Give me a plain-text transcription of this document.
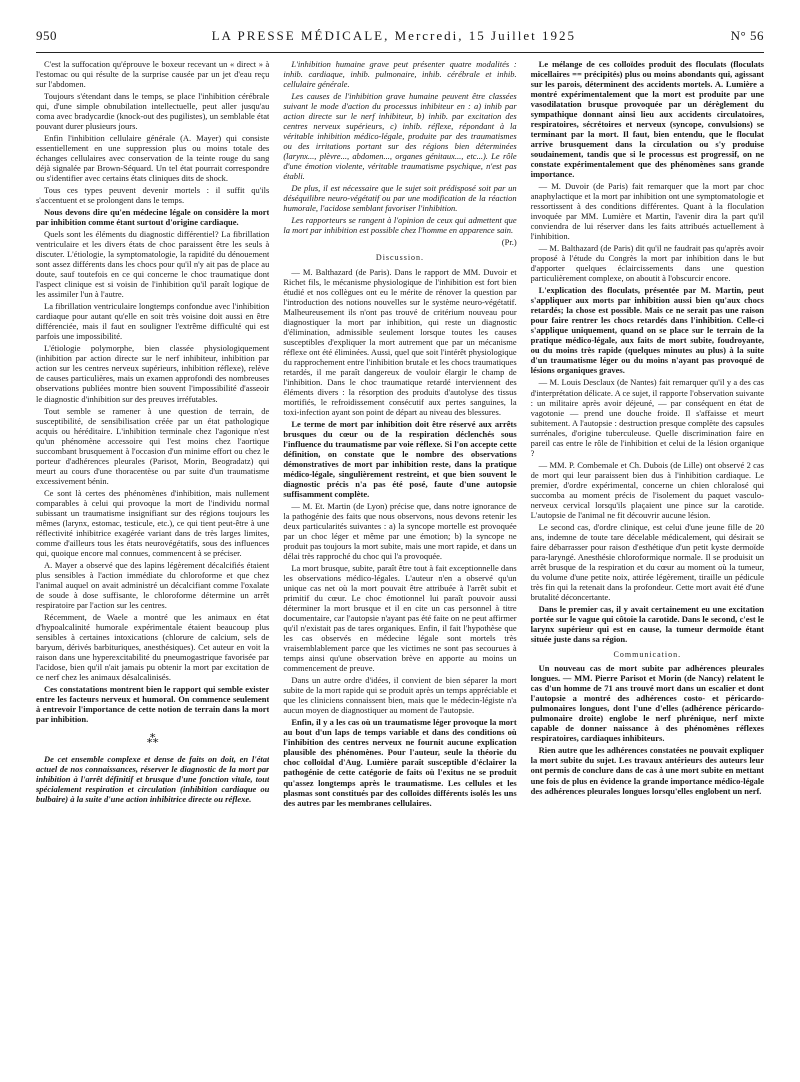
950	LA PRESSE MÉDICALE, Mercredi, 15 Juillet 1925	N° 56

C'est la suffocation qu'éprouve le boxeur recevant un « direct » à l'estomac ou qui résulte de la surprise causée par un jet d'eau reçu sur l'abdomen.

Toujours s'étendant dans le temps, se place l'inhibition cérébrale qui, d'une simple obnubilation intellectuelle, peut aller jusqu'au coma avec bradycardie (knock-out des pugilistes), un semblable état pouvant durer plusieurs jours.

Enfin l'inhibition cellulaire générale (A. Mayer) qui consiste essentiellement en une suppression plus ou moins totale des échanges cellulaires avec conservation de la teinte rouge du sang déjà signalée par Brown-Séquard. Un tel état pourrait correspondre ou s'identifier avec certains états cliniques dits de shock.

Tous ces types peuvent devenir mortels : il suffit qu'ils s'accentuent et se prolongent dans le temps.

Nous devons dire qu'en médecine légale on considère la mort par inhibition comme étant surtout d'origine cardiaque.

Quels sont les éléments du diagnostic différentiel? La fibrillation ventriculaire et les divers états de choc paraissent être les seuls à discuter. L'étiologie, la symptomatologie, la rapidité du dénouement sont assez différents dans les chocs pour qu'il n'y ait pas de place au doute, sauf toutefois en ce qui concerne le choc traumatique dont l'aspect clinique est si voisin de l'inhibition qu'il paraît logique de les assimiler l'un à l'autre.

La fibrillation ventriculaire longtemps confondue avec l'inhibition cardiaque pour autant qu'elle en soit très voisine doit aussi en être différenciée, mais il faut en souligner l'extrême difficulté qui est parfois une impossibilité.

L'étiologie polymorphe, bien classée physiologiquement (inhibition par action directe sur le nerf inhibiteur, inhibition par action sur les centres nerveux supérieurs, inhibition réflexe), relève de causes particulières, mais un examen approfondi des nombreuses observations publiées montre bien souvent l'impossibilité d'asseoir le diagnostic d'inhibition sur des preuves irréfutables.

Tout semble se ramener à une question de terrain, de susceptibilité, de sensibilisation créée par un état pathologique acquis ou héréditaire. L'inhibition terminale chez l'agonique n'est qu'un phénomène accessoire qui l'est moins chez l'aortique succombant brusquement à l'occasion d'un minime effort ou chez le porteur d'adhérences pleurales (Parisot, Morin, Beogradatz) qui meurt au cours d'une thoracentèse ou par suite d'un traumatisme excessivement bénin.

Ce sont là certes des phénomènes d'inhibition, mais nullement comparables à celui qui provoque la mort de l'individu normal subissant un traumatisme insignifiant sur des régions toujours les mêmes (larynx, estomac, testicule, etc.), ce qui tient peut-être à une réflectivité inhibitrice exagérée variant dans de très larges limites, comme d'ailleurs tous les états neurovégétatifs, sous des influences qui, quoique encore mal connues, commencent à se préciser.

A. Mayer a observé que des lapins légèrement décalcifiés étaient plus sensibles à l'action immédiate du chloroforme et que chez l'animal auquel on avait administré un décalcifiant comme l'oxalate de soude à dose suffisante, le chloroforme détermine un arrêt respiratoire par l'action sur les centres.

Récemment, de Waele a montré que les animaux en état d'hypoalcalinité humorale expérimentale étaient beaucoup plus sensibles à certaines intoxications (chlorure de calcium, sels de baryum, dérivés barbituriques, anesthésiques). Cet auteur en voit la raison dans une hyperexcitabilité du pneumogastrique favorisée par l'acidose, bien qu'il n'ait jamais pu obtenir la mort par excitation de ce nerf chez les animaux désalcalinisés.

Ces constatations montrent bien le rapport qui semble exister entre les facteurs nerveux et humoral. On commence seulement à entrevoir l'importance de cette notion de terrain dans la mort par inhibition.

⁂

De cet ensemble complexe et dense de faits on doit, en l'état actuel de nos connaissances, réserver le diagnostic de la mort par inhibition à l'arrêt définitif et brusque d'une fonction vitale, tout spécialement respiration et circulation (inhibition cardiaque ou bulbaire) à la suite d'une action inhibitrice directe ou réflexe.

L'inhibition humaine grave peut présenter quatre modalités : inhib. cardiaque, inhib. pulmonaire, inhib. cérébrale et inhib. cellulaire générale.

Les causes de l'inhibition grave humaine peuvent être classées suivant le mode d'action du processus inhibiteur en : a) inhib par action directe sur le nerf inhibiteur, b) inhib. par excitation des centres nerveux supérieurs, c) inhib. réflexe, répondant à la véritable inhibition médico-légale, produite par des traumatismes ou des irritations portant sur des régions bien déterminées (larynx..., plèvre..., abdomen..., organes génitaux..., etc...). Le rôle d'une émotion violente, véritable traumatisme psychique, n'est pas établi.

De plus, il est nécessaire que le sujet soit prédisposé soit par un déséquilibre neuro-végétatif ou par une modification de la réaction humorale, l'acidose semblant favoriser l'inhibition.

Les rapporteurs se rangent à l'opinion de ceux qui admettent que la mort par inhibition est possible chez l'homme en apparence sain.

(Pr.)
Discussion.

— M. Balthazard (de Paris). Dans le rapport de MM. Duvoir et Richet fils, le mécanisme physiologique de l'inhibition est fort bien étudié et nos collègues ont eu le mérite de rénover la question par l'introduction des notions nouvelles sur le système neuro-végétatif. Malheureusement ils n'ont pas trouvé de critérium nouveau pour diagnostiquer la mort par inhibition, qui reste un diagnostic d'élimination, admissible seulement lorsque toutes les causes susceptibles d'expliquer la mort autrement que par un mécanisme réflexe ont été éliminées. Aussi, quel que soit l'intérêt physiologique du rapprochement entre l'inhibition brutale et les chocs traumatiques retardés, il me paraît dangereux de vouloir élargir le champ de l'inhibition. Dans le choc traumatique retardé interviennent des éléments divers : la résorption des produits d'autolyse des tissus mortifiés, le refroidissement consécutif aux pertes sanguines, la toxi-infection ayant son point de départ au niveau des blessures.

Le terme de mort par inhibition doit être réservé aux arrêts brusques du cœur ou de la respiration déclenchés sous l'influence du traumatisme par voie réflexe. Si l'on accepte cette définition, on constate que le nombre des observations démonstratives de mort par inhibition reste, dans la pratique médico-légale, singulièrement restreint, et que bien souvent le diagnostic précis n'a pas été posé, faute d'une autopsie suffisamment complète.

— M. Et. Martin (de Lyon) précise que, dans notre ignorance de la pathogénie des faits que nous observons, nous devons retenir les deux particularités suivantes : a) la syncope mortelle est provoquée par un choc léger et même par une émotion; b) la syncope ne produit pas toujours la mort subite, mais une mort rapide, et dans un délai très rapproché du choc qui l'a provoquée.

La mort brusque, subite, paraît être tout à fait exceptionnelle dans les observations médico-légales. L'auteur n'en a observé qu'un unique cas net où la mort pouvait être attribuée à l'arrêt subit et primitif du cœur. Le choc émotionnel lui paraît pouvoir aussi déterminer la mort brusque et il en cite un cas personnel à titre documentaire, car l'autopsie n'ayant pas été faite on ne peut affirmer qu'il n'existait pas de tares organiques. Enfin, il fait l'hypothèse que les cas observés en médecine légale sont mortels très vraisemblablement parce que les victimes ne sont pas secourues à temps ainsi qu'une observation brève en apporte au moins un commencement de preuve.

Dans un autre ordre d'idées, il convient de bien séparer la mort subite de la mort rapide qui se produit après un temps appréciable et que les cliniciens connaissent bien, mais que le médecin-légiste n'a aucun moyen de diagnostiquer au moment de l'autopsie.

Enfin, il y a les cas où un traumatisme léger provoque la mort au bout d'un laps de temps variable et dans des conditions où l'inhibition des centres nerveux ne fournit aucune explication plausible des phénomènes. Pour l'auteur, seule la théorie du choc colloïdal d'Aug. Lumière paraît susceptible d'éclairer la pathogénie de cette catégorie de faits où l'exitus ne se produit qu'assez longtemps après le traumatisme. Les cellules et les plasmas sont constitués par des colloïdes différents isolés les uns des autres par les membranes cellulaires.

Le mélange de ces colloïdes produit des floculats (floculats micellaires == précipités) plus ou moins abondants qui, agissant sur les parois, déterminent des accidents mortels. A. Lumière a montré expérimentalement que la mort est produite par une vasodilatation brusque provoquée par un dérèglement du sympathique donnant ainsi lieu aux accidents circulatoires, respiratoires, sécrétoires et nerveux (syncope, convulsions) se terminant par la mort. Il faut, bien entendu, que le floculat arrive brusquement dans la circulation ou s'y produise soudainement, tandis que si le processus est progressif, on ne constate expérimentalement que des phénomènes sans grande importance.

— M. Duvoir (de Paris) fait remarquer que la mort par choc anaphylactique et la mort par inhibition ont une symptomatologie et ressortissent à des conditions différentes. Quant à la floculation invoquée par MM. Lumière et Martin, l'avenir dira la part qu'il conviendra de lui réserver dans les faits attribués actuellement à l'inhibition.

— M. Balthazard (de Paris) dit qu'il ne faudrait pas qu'après avoir proposé à l'étude du Congrès la mort par inhibition dans le but d'apporter quelques éclaircissements dans une question particulièrement complexe, on aboutit à l'obscurcir encore.

L'explication des floculats, présentée par M. Martin, peut s'appliquer aux morts par inhibition aussi bien qu'aux chocs retardés; la chose est possible. Mais ce ne serait pas une raison pour faire rentrer les chocs retardés dans l'inhibition. Celle-ci s'applique uniquement, quand on se place sur le terrain de la pratique médico-légale, aux faits de mort subite, foudroyante, ou du moins très rapide (quelques minutes au plus) à la suite d'un traumatisme léger ou du moins n'ayant pas provoqué de lésions organiques graves.

— M. Louis Desclaux (de Nantes) fait remarquer qu'il y a des cas d'interprétation délicate. A ce sujet, il rapporte l'observation suivante : un militaire après avoir déjeuné, — par conséquent en état de vagotonie — prend une douche froide. Il s'affaisse et meurt subitement. A l'autopsie : destruction presque complète des capsules surrénales, d'origine tuberculeuse. Quelle discrimination faire en pareil cas entre le rôle de l'inhibition et celui de la lésion organique ?

— MM. P. Combemale et Ch. Dubois (de Lille) ont observé 2 cas de mort qui leur paraissent bien dus à l'inhibition cardiaque. Le premier, d'ordre expérimental, concerne un chien chloralosé qui succomba au moment précis de l'isolement du paquet vasculo-nerveux cervical lorsqu'ils plaçaient une pince sur la carotide. L'autopsie de l'animal ne fit découvrir aucune lésion.

Le second cas, d'ordre clinique, est celui d'une jeune fille de 20 ans, indemne de toute tare décelable médicalement, qui désirait se faire débarrasser pour raison d'esthétique d'un petit kyste dermoïde para-laryngé. Anesthésie chloroformique normale. Il se produisit un arrêt brusque de la respiration et du cœur au moment où la tumeur, du volume d'une petite noix, attirée légèrement, tiraille un pédicule très fin qui la retenait dans la profondeur. Cette mort avait été d'une brutalité déconcertante.

Dans le premier cas, il y avait certainement eu une excitation portée sur le vague qui côtoie la carotide. Dans le second, c'est le larynx supérieur qui est en cause, la tumeur dermoïde étant située juste dans sa région.

Communication.

Un nouveau cas de mort subite par adhérences pleurales longues. — MM. Pierre Parisot et Morin (de Nancy) relatent le cas d'un homme de 71 ans trouvé mort dans un escalier et dont l'autopsie a montré des adhérences costo- et péricardo-pulmonaires longues, dont l'une d'elles (adhérence péricardo-pulmonaire droite) englobe le nerf phrénique, nerf mixte capable de donner naissance à des phénomènes réflexes respiratoires, cardiaques inhibiteurs.

Rien autre que les adhérences constatées ne pouvait expliquer la mort subite du sujet. Les travaux antérieurs des auteurs leur ont permis de conclure dans de cas à une mort subite en mettant une fois de plus en évidence la grande importance médico-légale des adhérences pleurales longues lorsqu'elles englobent un nerf.
